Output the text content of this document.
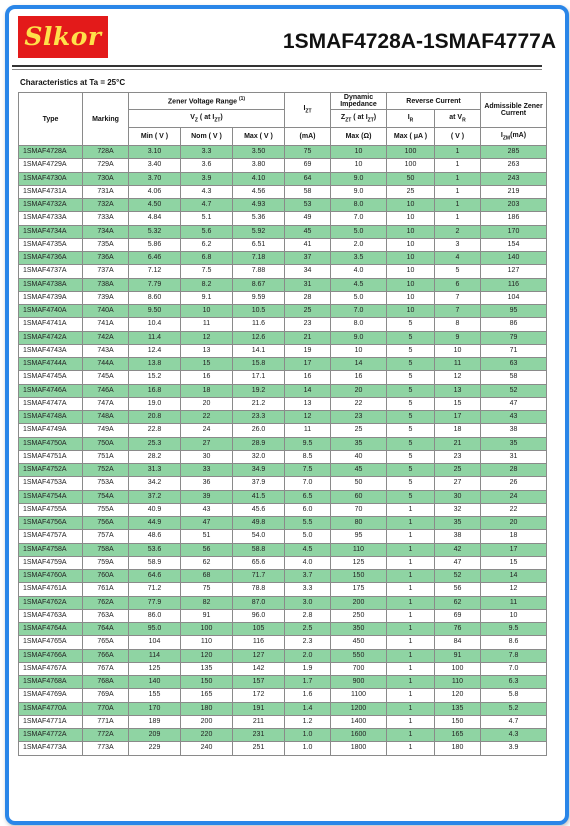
Slkor	1SMAF4728A-1SMAF4777A
Characteristics at Ta = 25°C
Type	Marking	Zener Voltage Range $^{(1)}$			$I_{ZT}$	Dynamic Impedance	Reverse Current		Admissible Zener Current
		$V_Z$ ( at $I_{ZT}$)				$Z_{ZT}$ ( at $I_{ZT}$)	$I_R$	at $V_R$
		Min ( V )	Nom ( V )	Max ( V )	(mA)	Max (Ω)	Max ( μA )	( V )	$I_{ZM}(mA)$
1SMAF4728A	728A	3.10	3.3	3.50	75	10	100	1	285
1SMAF4729A	729A	3.40	3.6	3.80	69	10	100	1	263
1SMAF4730A	730A	3.70	3.9	4.10	64	9.0	50	1	243
1SMAF4731A	731A	4.06	4.3	4.56	58	9.0	25	1	219
1SMAF4732A	732A	4.50	4.7	4.93	53	8.0	10	1	203
1SMAF4733A	733A	4.84	5.1	5.36	49	7.0	10	1	186
1SMAF4734A	734A	5.32	5.6	5.92	45	5.0	10	2	170
1SMAF4735A	735A	5.86	6.2	6.51	41	2.0	10	3	154
1SMAF4736A	736A	6.46	6.8	7.18	37	3.5	10	4	140
1SMAF4737A	737A	7.12	7.5	7.88	34	4.0	10	5	127
1SMAF4738A	738A	7.79	8.2	8.67	31	4.5	10	6	116
1SMAF4739A	739A	8.60	9.1	9.59	28	5.0	10	7	104
1SMAF4740A	740A	9.50	10	10.5	25	7.0	10	7	95
1SMAF4741A	741A	10.4	11	11.6	23	8.0	5	8	86
1SMAF4742A	742A	11.4	12	12.6	21	9.0	5	9	79
1SMAF4743A	743A	12.4	13	14.1	19	10	5	10	71
1SMAF4744A	744A	13.8	15	15.8	17	14	5	11	63
1SMAF4745A	745A	15.2	16	17.1	16	16	5	12	58
1SMAF4746A	746A	16.8	18	19.2	14	20	5	13	52
1SMAF4747A	747A	19.0	20	21.2	13	22	5	15	47
1SMAF4748A	748A	20.8	22	23.3	12	23	5	17	43
1SMAF4749A	749A	22.8	24	26.0	11	25	5	18	38
1SMAF4750A	750A	25.3	27	28.9	9.5	35	5	21	35
1SMAF4751A	751A	28.2	30	32.0	8.5	40	5	23	31
1SMAF4752A	752A	31.3	33	34.9	7.5	45	5	25	28
1SMAF4753A	753A	34.2	36	37.9	7.0	50	5	27	26
1SMAF4754A	754A	37.2	39	41.5	6.5	60	5	30	24
1SMAF4755A	755A	40.9	43	45.6	6.0	70	1	32	22
1SMAF4756A	756A	44.9	47	49.8	5.5	80	1	35	20
1SMAF4757A	757A	48.6	51	54.0	5.0	95	1	38	18
1SMAF4758A	758A	53.6	56	58.8	4.5	110	1	42	17
1SMAF4759A	759A	58.9	62	65.6	4.0	125	1	47	15
1SMAF4760A	760A	64.6	68	71.7	3.7	150	1	52	14
1SMAF4761A	761A	71.2	75	78.8	3.3	175	1	56	12
1SMAF4762A	762A	77.9	82	87.0	3.0	200	1	62	11
1SMAF4763A	763A	86.0	91	96.0	2.8	250	1	69	10
1SMAF4764A	764A	95.0	100	105	2.5	350	1	76	9.5
1SMAF4765A	765A	104	110	116	2.3	450	1	84	8.6
1SMAF4766A	766A	114	120	127	2.0	550	1	91	7.8
1SMAF4767A	767A	125	135	142	1.9	700	1	100	7.0
1SMAF4768A	768A	140	150	157	1.7	900	1	110	6.3
1SMAF4769A	769A	155	165	172	1.6	1100	1	120	5.8
1SMAF4770A	770A	170	180	191	1.4	1200	1	135	5.2
1SMAF4771A	771A	189	200	211	1.2	1400	1	150	4.7
1SMAF4772A	772A	209	220	231	1.0	1600	1	165	4.3
1SMAF4773A	773A	229	240	251	1.0	1800	1	180	3.9
